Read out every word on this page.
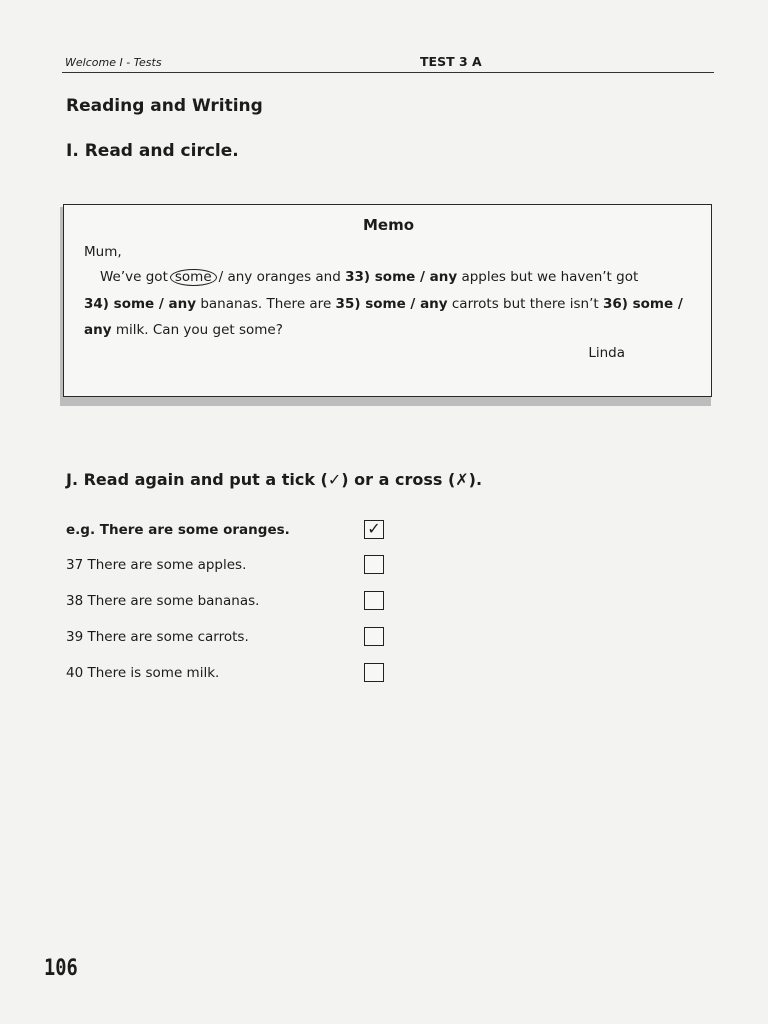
Welcome I - Tests	TEST 3 A
Reading and Writing
I. Read and circle.
Memo
Mum,
We’ve got some / any oranges and 33) some / any apples but we haven’t got
34) some / any bananas. There are 35) some / any carrots but there isn’t 36) some /
any milk. Can you get some?
Linda
J. Read again and put a tick (✓) or a cross (✗).
e.g. There are some oranges.	✓
37 There are some apples.
38 There are some bananas.
39 There are some carrots.
40 There is some milk.
106
